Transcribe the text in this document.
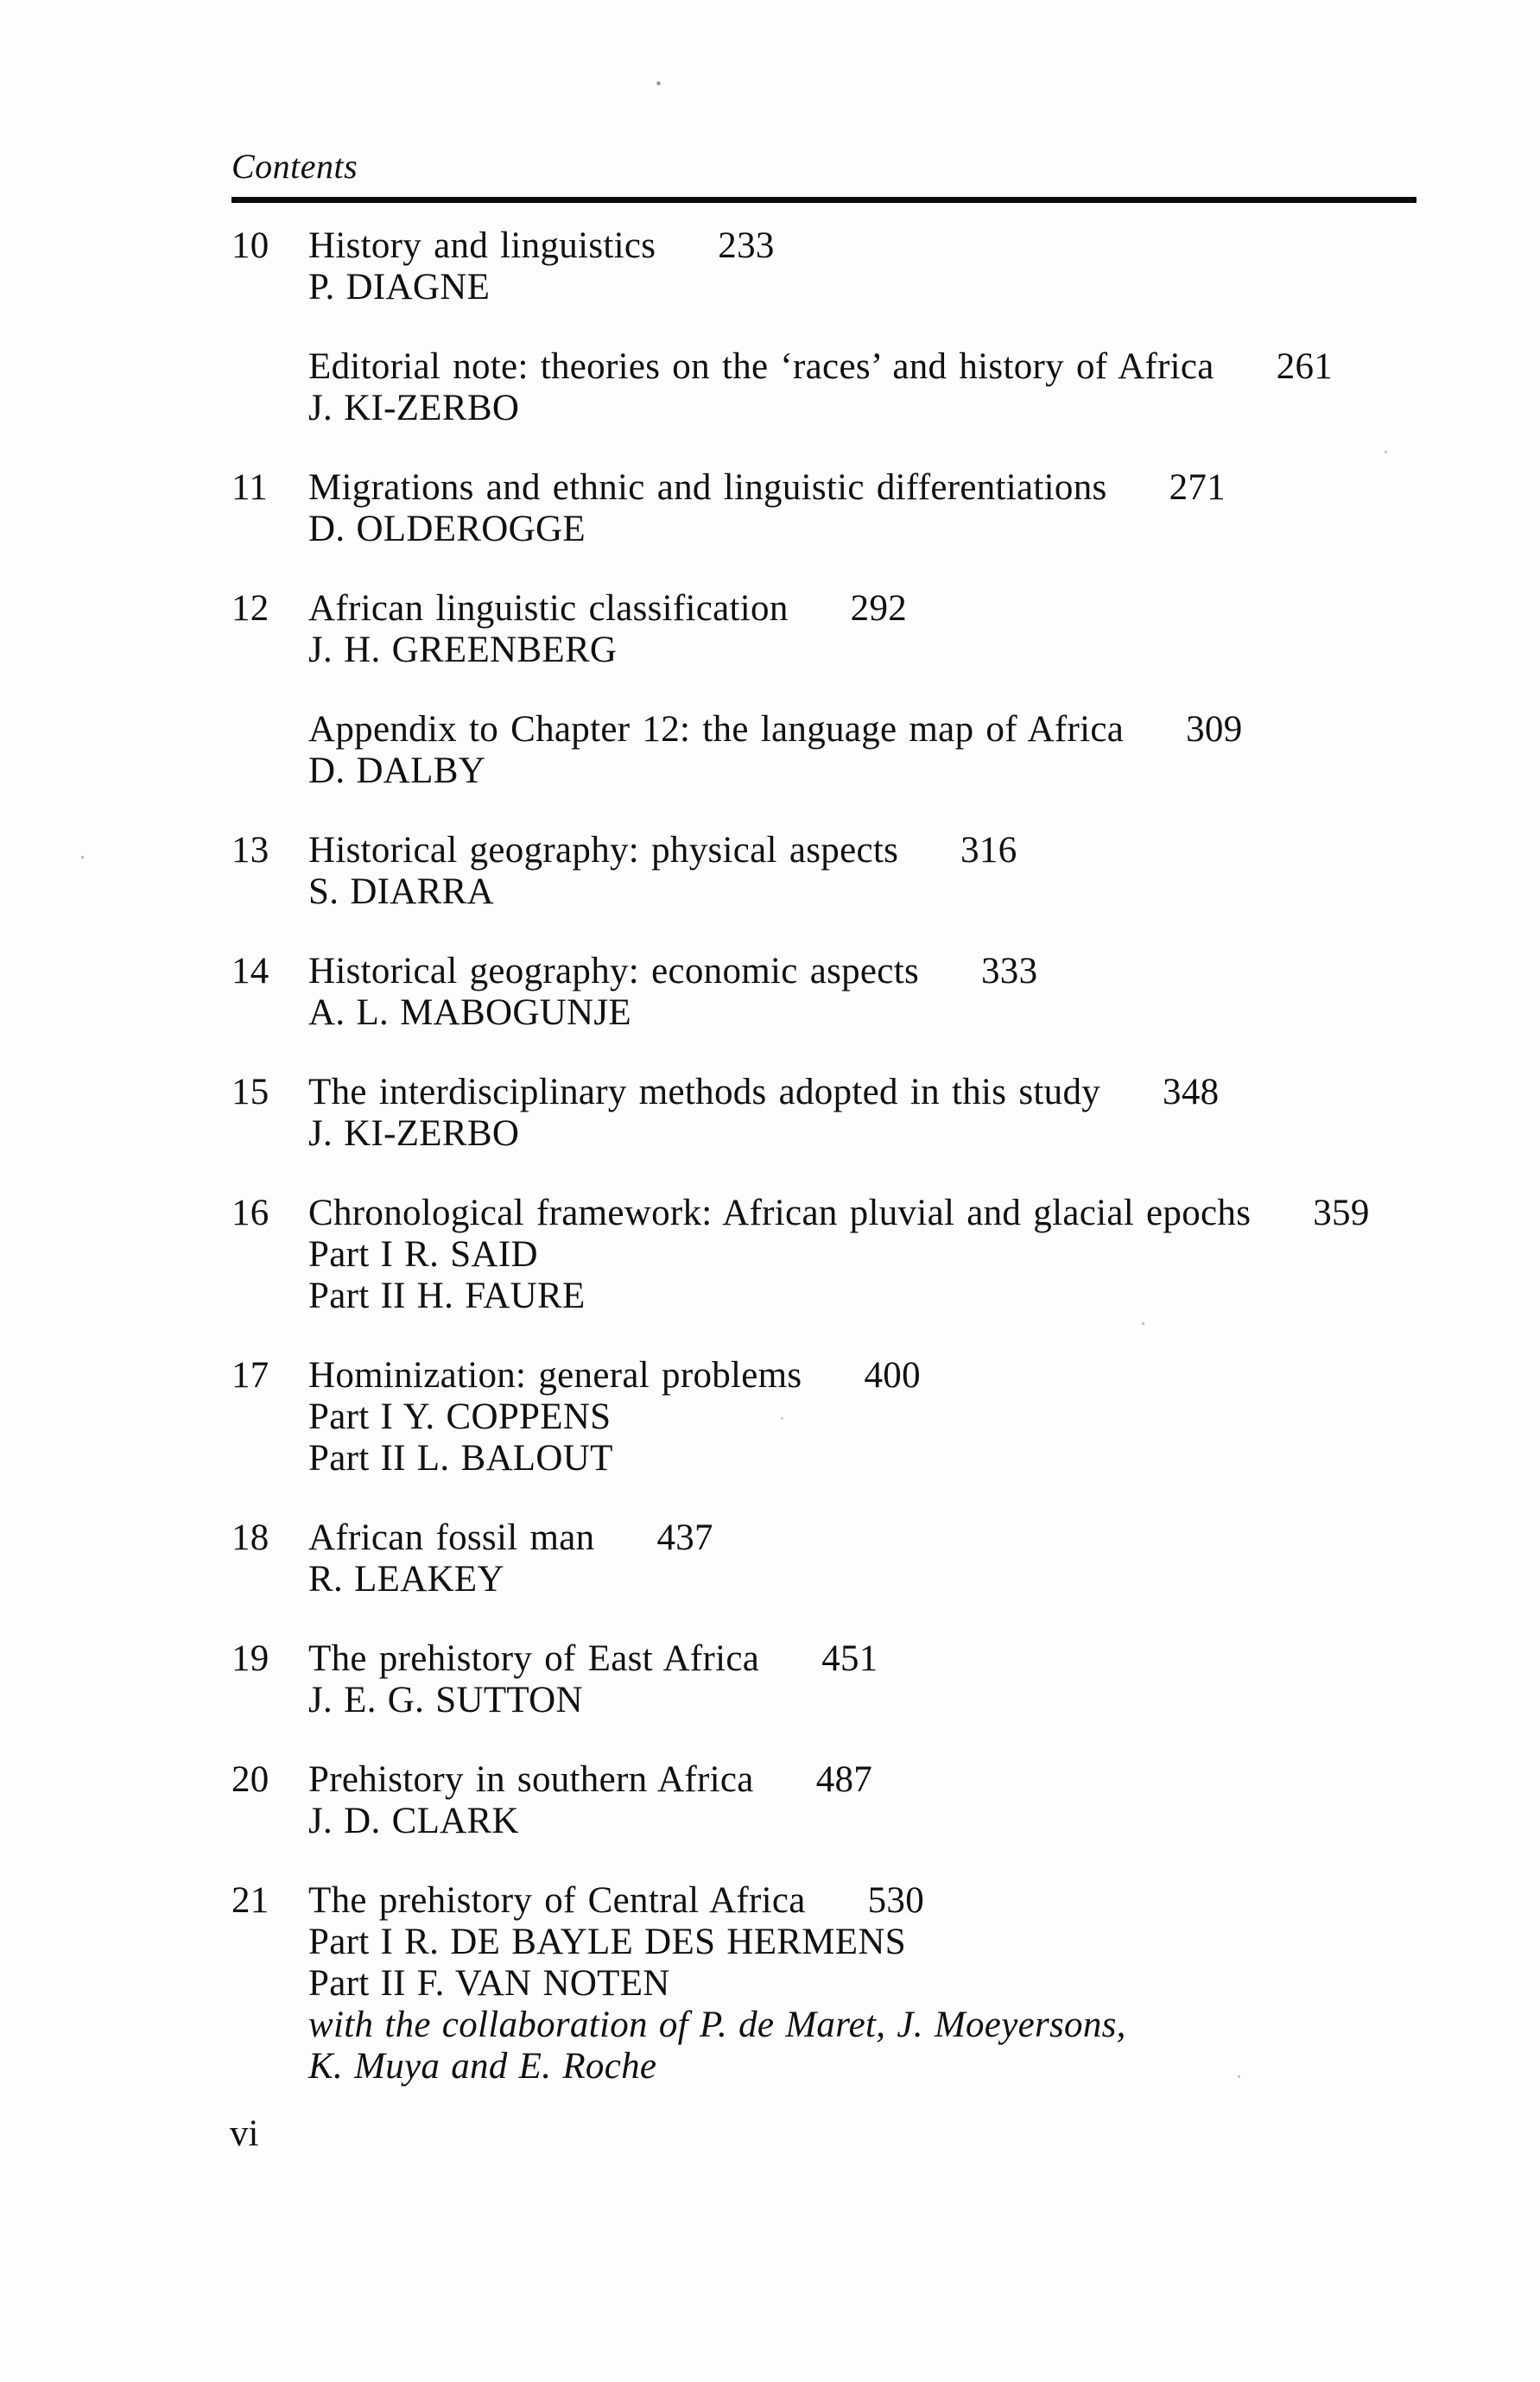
Contents
10	History and linguistics 233
P. DIAGNE
Editorial note: theories on the ‘races’ and history of Africa 261
J. KI-ZERBO
11	Migrations and ethnic and linguistic differentiations 271
D. OLDEROGGE
12	African linguistic classification 292
J. H. GREENBERG
Appendix to Chapter 12: the language map of Africa 309
D. DALBY
13	Historical geography: physical aspects 316
S. DIARRA
14	Historical geography: economic aspects 333
A. L. MABOGUNJE
15	The interdisciplinary methods adopted in this study 348
J. KI-ZERBO
16	Chronological framework: African pluvial and glacial epochs 359
Part I R. SAID
Part II H. FAURE
17	Hominization: general problems 400
Part I Y. COPPENS
Part II L. BALOUT
18	African fossil man 437
R. LEAKEY
19	The prehistory of East Africa 451
J. E. G. SUTTON
20	Prehistory in southern Africa 487
J. D. CLARK
21	The prehistory of Central Africa 530
Part I R. DE BAYLE DES HERMENS
Part II F. VAN NOTEN
with the collaboration of P. de Maret, J. Moeyersons,
K. Muya and E. Roche
vi
